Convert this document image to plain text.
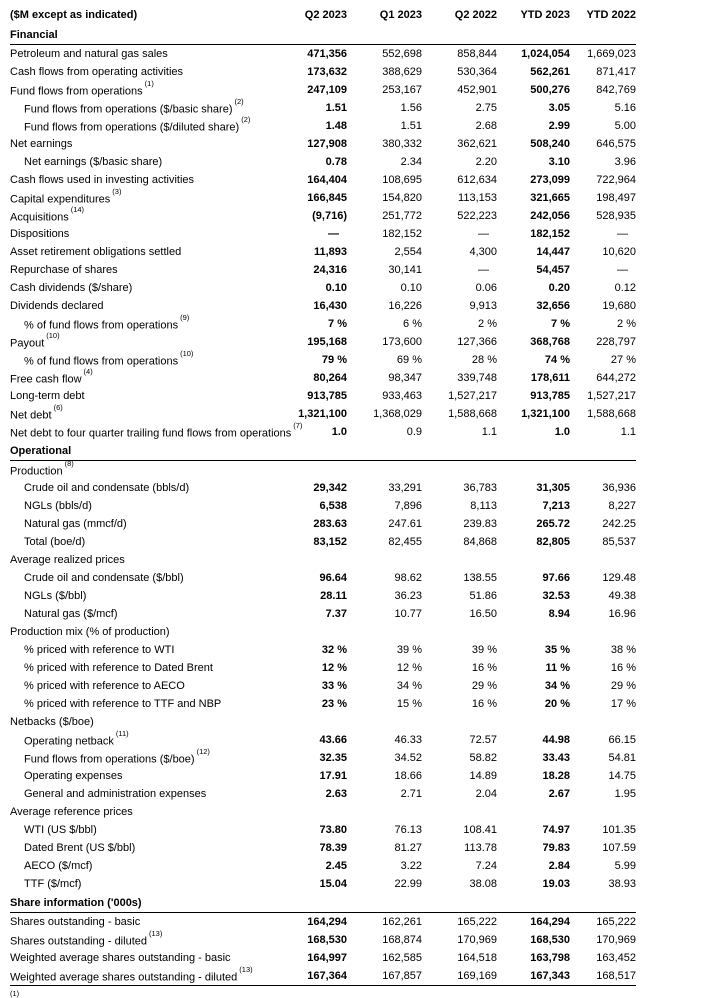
($M except as indicated)	Q2 2023	Q1 2023	Q2 2022	YTD 2023	YTD 2022
Financial					
Petroleum and natural gas sales	471,356	552,698	858,844	1,024,054	1,669,023
Cash flows from operating activities	173,632	388,629	530,364	562,261	871,417
Fund flows from operations$^{(1)}$	247,109	253,167	452,901	500,276	842,769
Fund flows from operations ($/basic share)$^{(2)}$	1.51	1.56	2.75	3.05	5.16
Fund flows from operations ($/diluted share)$^{(2)}$	1.48	1.51	2.68	2.99	5.00
Net earnings	127,908	380,332	362,621	508,240	646,575
Net earnings ($/basic share)	0.78	2.34	2.20	3.10	3.96
Cash flows used in investing activities	164,404	108,695	612,634	273,099	722,964
Capital expenditures$^{(3)}$	166,845	154,820	113,153	321,665	198,497
Acquisitions$^{(14)}$	(9,716)	251,772	522,223	242,056	528,935
Dispositions	—	182,152	—	182,152	—
Asset retirement obligations settled	11,893	2,554	4,300	14,447	10,620
Repurchase of shares	24,316	30,141	—	54,457	—
Cash dividends ($/share)	0.10	0.10	0.06	0.20	0.12
Dividends declared	16,430	16,226	9,913	32,656	19,680
% of fund flows from operations$^{(9)}$	7 %	6 %	2 %	7 %	2 %
Payout$^{(10)}$	195,168	173,600	127,366	368,768	228,797
% of fund flows from operations$^{(10)}$	79 %	69 %	28 %	74 %	27 %
Free cash flow$^{(4)}$	80,264	98,347	339,748	178,611	644,272
Long-term debt	913,785	933,463	1,527,217	913,785	1,527,217
Net debt$^{(6)}$	1,321,100	1,368,029	1,588,668	1,321,100	1,588,668
Net debt to four quarter trailing fund flows from operations$^{(7)}$	1.0	0.9	1.1	1.0	1.1
Operational					
Production$^{(8)}$					
Crude oil and condensate (bbls/d)	29,342	33,291	36,783	31,305	36,936
NGLs (bbls/d)	6,538	7,896	8,113	7,213	8,227
Natural gas (mmcf/d)	283.63	247.61	239.83	265.72	242.25
Total (boe/d)	83,152	82,455	84,868	82,805	85,537
Average realized prices					
Crude oil and condensate ($/bbl)	96.64	98.62	138.55	97.66	129.48
NGLs ($/bbl)	28.11	36.23	51.86	32.53	49.38
Natural gas ($/mcf)	7.37	10.77	16.50	8.94	16.96
Production mix (% of production)					
% priced with reference to WTI	32 %	39 %	39 %	35 %	38 %
% priced with reference to Dated Brent	12 %	12 %	16 %	11 %	16 %
% priced with reference to AECO	33 %	34 %	29 %	34 %	29 %
% priced with reference to TTF and NBP	23 %	15 %	16 %	20 %	17 %
Netbacks ($/boe)					
Operating netback$^{(11)}$	43.66	46.33	72.57	44.98	66.15
Fund flows from operations ($/boe)$^{(12)}$	32.35	34.52	58.82	33.43	54.81
Operating expenses	17.91	18.66	14.89	18.28	14.75
General and administration expenses	2.63	2.71	2.04	2.67	1.95
Average reference prices					
WTI (US $/bbl)	73.80	76.13	108.41	74.97	101.35
Dated Brent (US $/bbl)	78.39	81.27	113.78	79.83	107.59
AECO ($/mcf)	2.45	3.22	7.24	2.84	5.99
TTF ($/mcf)	15.04	22.99	38.08	19.03	38.93
Share information ('000s)					
Shares outstanding - basic	164,294	162,261	165,222	164,294	165,222
Shares outstanding - diluted$^{(13)}$	168,530	168,874	170,969	168,530	170,969
Weighted average shares outstanding - basic	164,997	162,585	164,518	163,798	163,452
Weighted average shares outstanding - diluted$^{(13)}$	167,364	167,857	169,169	167,343	168,517
(1)
